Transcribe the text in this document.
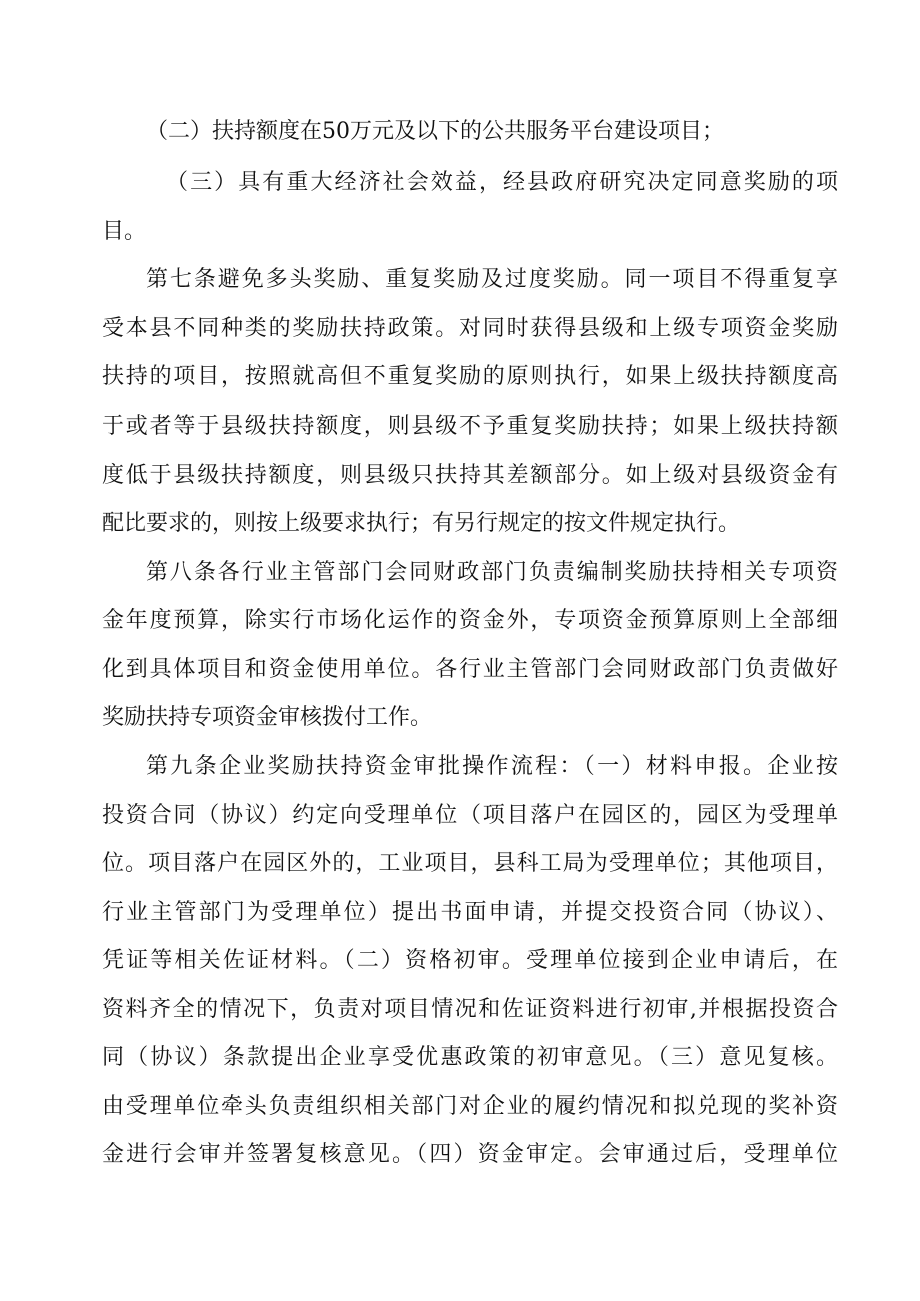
（二）扶持额度在50万元及以下的公共服务平台建设项目；
（三）具有重大经济社会效益，经县政府研究决定同意奖励的项
目。
第七条避免多头奖励、重复奖励及过度奖励。同一项目不得重复享
受本县不同种类的奖励扶持政策。对同时获得县级和上级专项资金奖励
扶持的项目，按照就高但不重复奖励的原则执行，如果上级扶持额度高
于或者等于县级扶持额度，则县级不予重复奖励扶持；如果上级扶持额
度低于县级扶持额度，则县级只扶持其差额部分。如上级对县级资金有
配比要求的，则按上级要求执行；有另行规定的按文件规定执行。
第八条各行业主管部门会同财政部门负责编制奖励扶持相关专项资
金年度预算，除实行市场化运作的资金外，专项资金预算原则上全部细
化到具体项目和资金使用单位。各行业主管部门会同财政部门负责做好
奖励扶持专项资金审核拨付工作。
第九条企业奖励扶持资金审批操作流程：（一）材料申报。企业按
投资合同（协议）约定向受理单位（项目落户在园区的，园区为受理单
位。项目落户在园区外的，工业项目，县科工局为受理单位；其他项目，
行业主管部门为受理单位）提出书面申请，并提交投资合同（协议）、
凭证等相关佐证材料。（二）资格初审。受理单位接到企业申请后，在
资料齐全的情况下，负责对项目情况和佐证资料进行初审,并根据投资合
同（协议）条款提出企业享受优惠政策的初审意见。（三）意见复核。
由受理单位牵头负责组织相关部门对企业的履约情况和拟兑现的奖补资
金进行会审并签署复核意见。（四）资金审定。会审通过后，受理单位
